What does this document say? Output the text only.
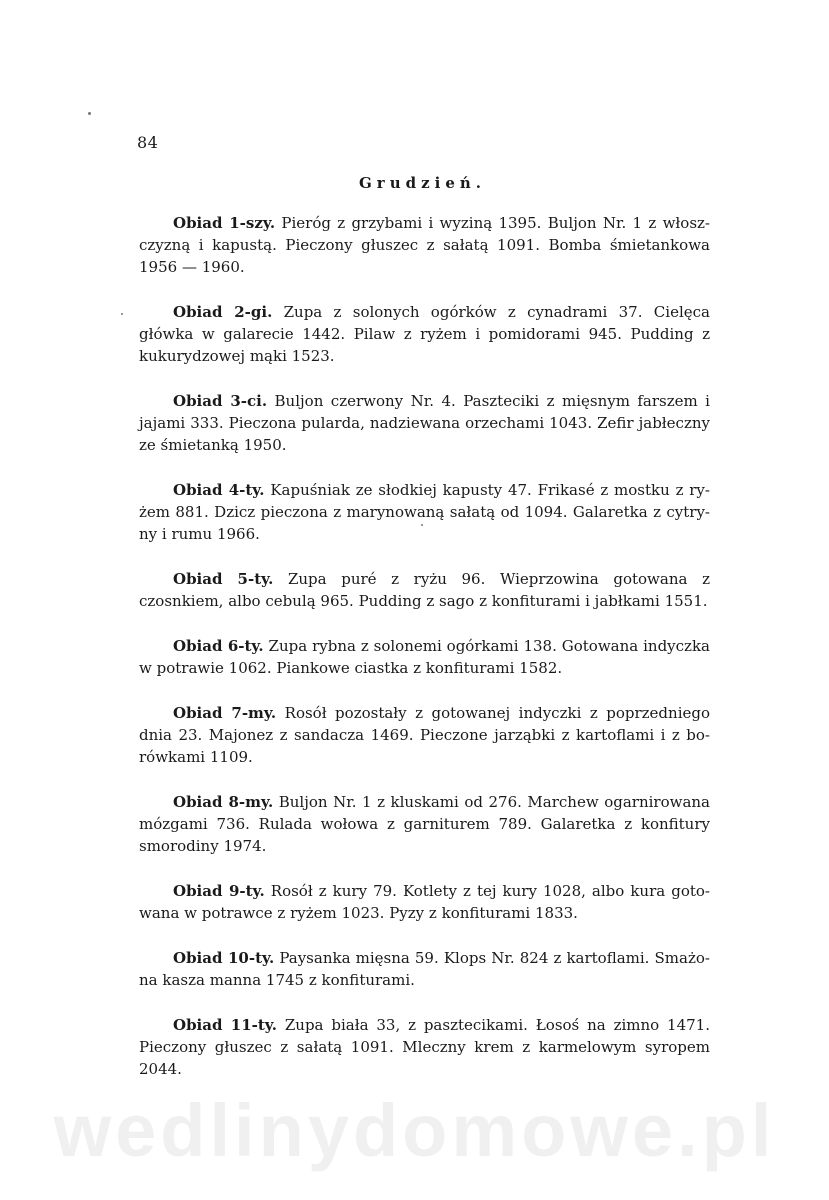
84
Grudzień.

Obiad 1-szy. Pieróg z grzybami i wyziną 1395. Buljon Nr. 1 z włoszczyzną i kapustą. Pieczony głuszec z sałatą 1091. Bomba śmietankowa 1956 — 1960.

Obiad 2-gi. Zupa z solonych ogórków z cynadrami 37. Cielęca główka w galarecie 1442. Pilaw z ryżem i pomidorami 945. Pudding z kukurydzowej mąki 1523.

Obiad 3-ci. Buljon czerwony Nr. 4. Paszteciki z mięsnym farszem i jajami 333. Pieczona pularda, nadziewana orzechami 1043. Zefir jabłeczny ze śmietanką 1950.

Obiad 4-ty. Kapuśniak ze słodkiej kapusty 47. Frikasé z mostku z ryżem 881. Dzicz pieczona z marynowaną sałatą od 1094. Galaretka z cytryny i rumu 1966.

Obiad 5-ty. Zupa puré z ryżu 96. Wieprzowina gotowana z czosnkiem, albo cebulą 965. Pudding z sago z konfiturami i jabłkami 1551.

Obiad 6-ty. Zupa rybna z solonemi ogórkami 138. Gotowana indyczka w potrawie 1062. Piankowe ciastka z konfiturami 1582.

Obiad 7-my. Rosół pozostały z gotowanej indyczki z poprzedniego dnia 23. Majonez z sandacza 1469. Pieczone jarząbki z kartoflami i z borówkami 1109.

Obiad 8-my. Buljon Nr. 1 z kluskami od 276. Marchew ogarnirowana mózgami 736. Rulada wołowa z garniturem 789. Galaretka z konfitury smorodiny 1974.

Obiad 9-ty. Rosół z kury 79. Kotlety z tej kury 1028, albo kura gotowana w potrawce z ryżem 1023. Pyzy z konfiturami 1833.

Obiad 10-ty. Paysanka mięsna 59. Klops Nr. 824 z kartoflami. Smażona kasza manna 1745 z konfiturami.

Obiad 11-ty. Zupa biała 33, z pasztecikami. Łosoś na zimno 1471. Pieczony głuszec z sałatą 1091. Mleczny krem z karmelowym syropem 2044.

wedlinydomowe.pl
